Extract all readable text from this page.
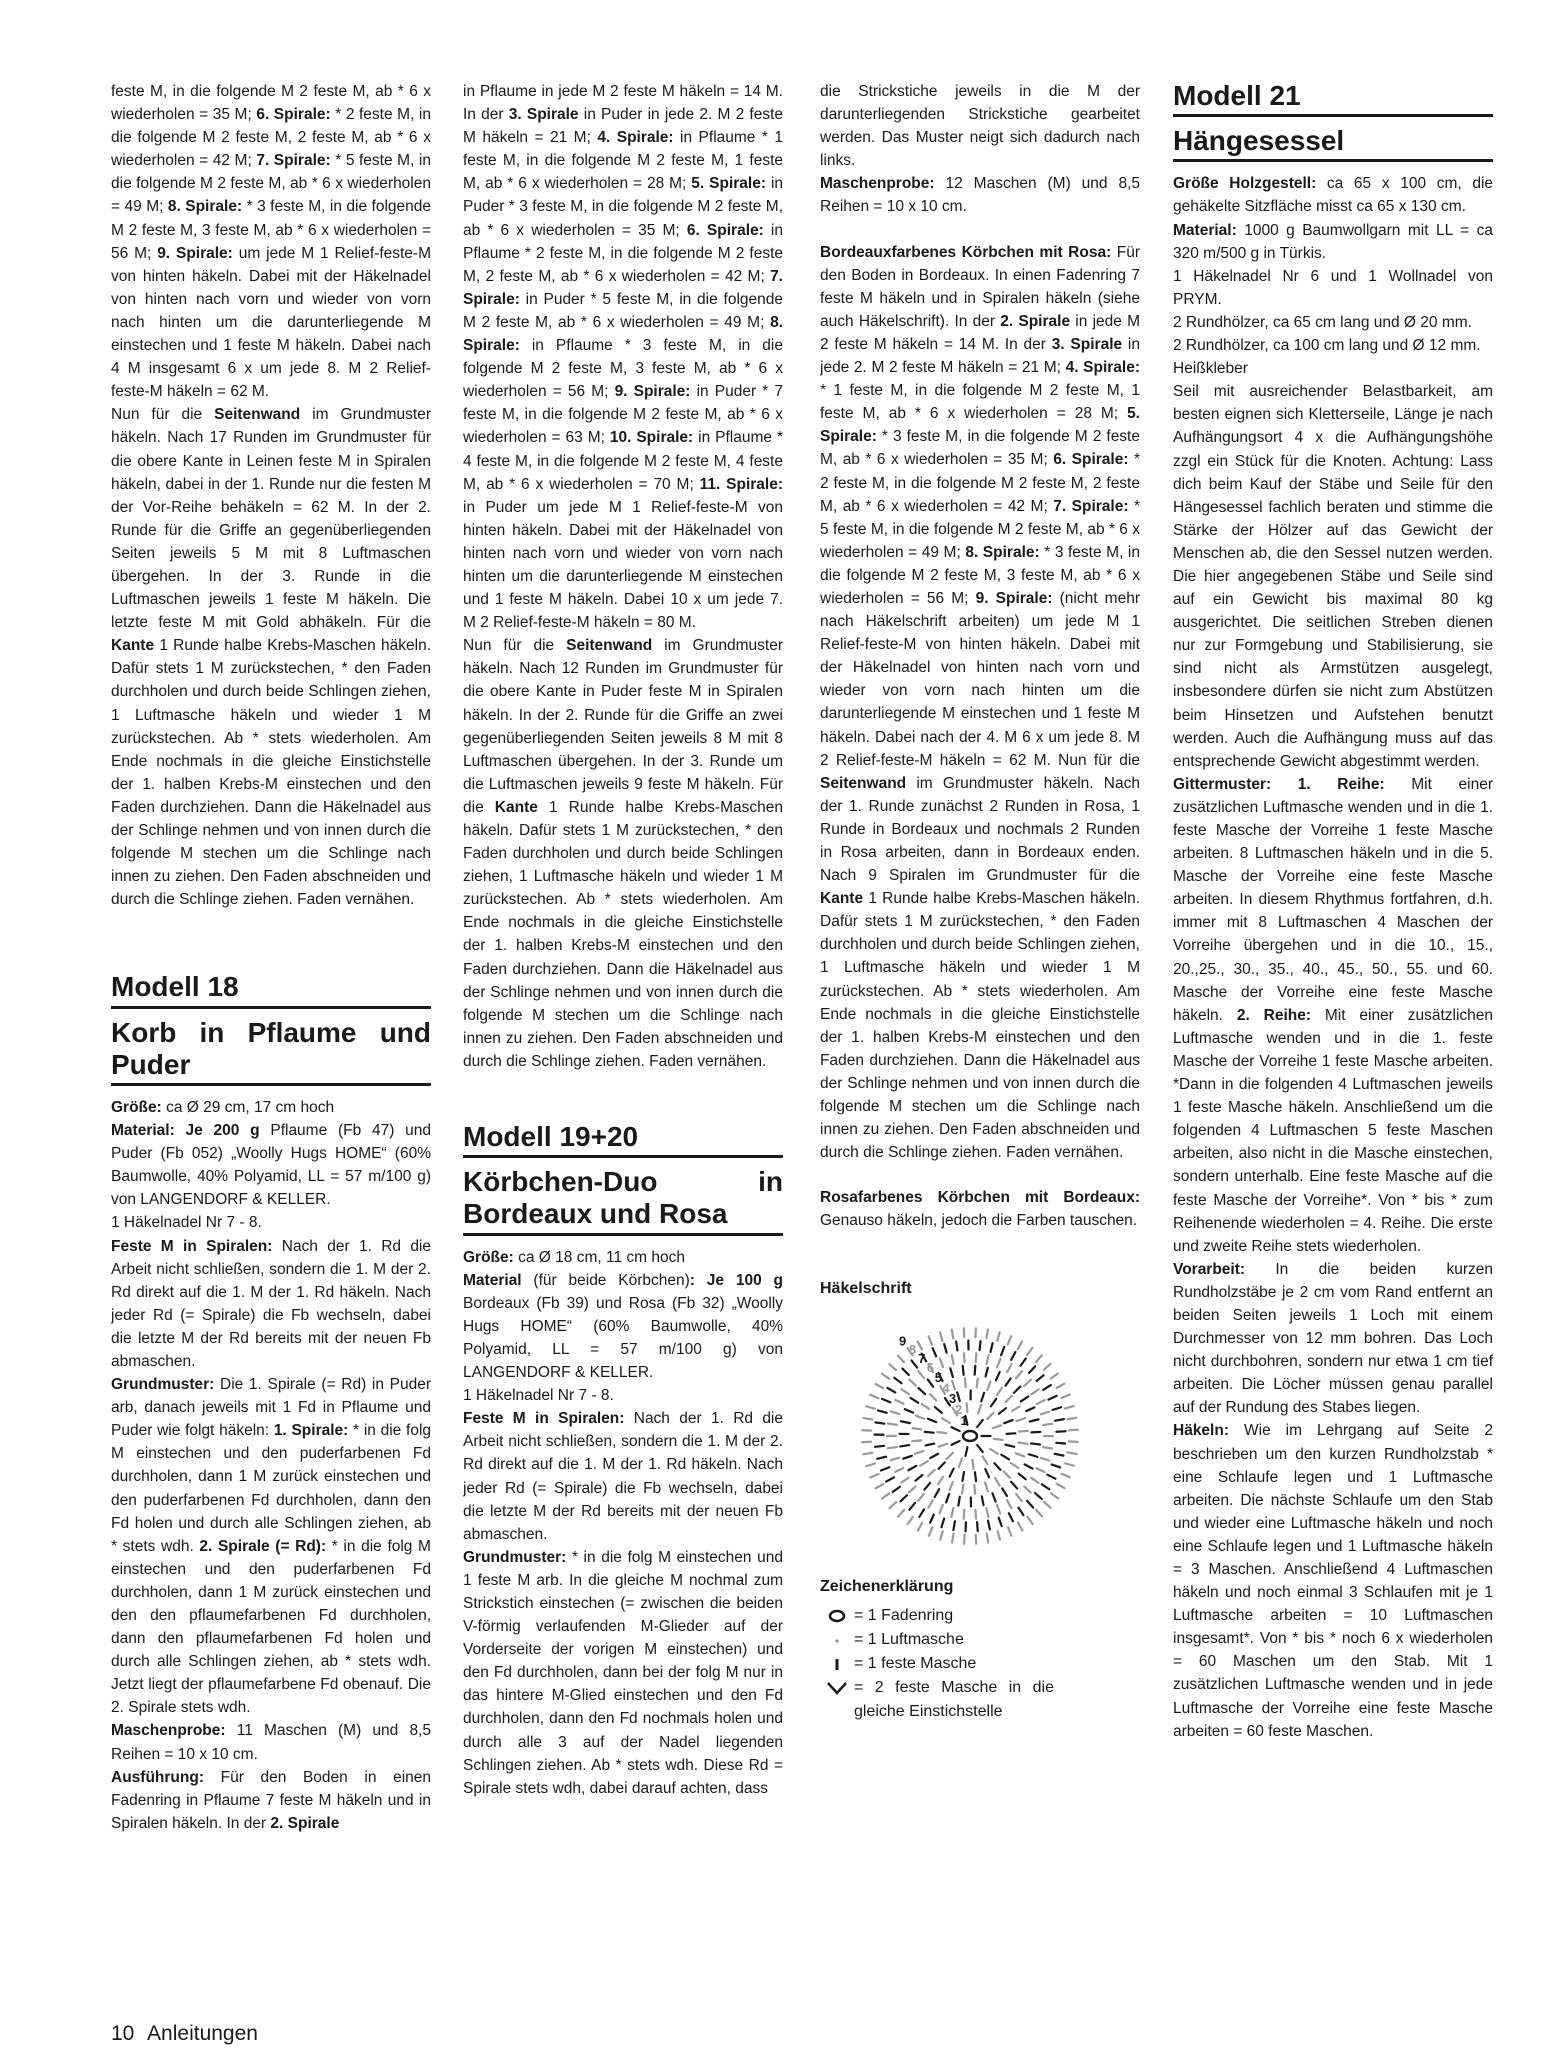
feste M, in die folgende M 2 feste M, ab * 6 x wiederholen = 35 M; 6. Spirale: * 2 feste M, in die folgende M 2 feste M, 2 feste M, ab * 6 x wiederholen = 42 M; 7. Spirale: * 5 feste M, in die folgende M 2 feste M, ab * 6 x wiederholen = 49 M; 8. Spirale: * 3 feste M, in die folgende M 2 feste M, 3 feste M, ab * 6 x wiederholen = 56 M; 9. Spirale: um jede M 1 Relief-feste-M von hinten häkeln. Dabei mit der Häkelnadel von hinten nach vorn und wieder von vorn nach hinten um die darunterliegende M einstechen und 1 feste M häkeln. Dabei nach 4 M insgesamt 6 x um jede 8. M 2 Relief-feste-M häkeln = 62 M.

Nun für die Seitenwand im Grundmuster häkeln. Nach 17 Runden im Grundmuster für die obere Kante in Leinen feste M in Spiralen häkeln, dabei in der 1. Runde nur die festen M der Vor-Reihe behäkeln = 62 M. In der 2. Runde für die Griffe an gegenüberliegenden Seiten jeweils 5 M mit 8 Luftmaschen übergehen. In der 3. Runde in die Luftmaschen jeweils 1 feste M häkeln. Die letzte feste M mit Gold abhäkeln. Für die Kante 1 Runde halbe Krebs-Maschen häkeln. Dafür stets 1 M zurückstechen, * den Faden durchholen und durch beide Schlingen ziehen, 1 Luftmasche häkeln und wieder 1 M zurückstechen. Ab * stets wiederholen. Am Ende nochmals in die gleiche Einstichstelle der 1. halben Krebs-M einstechen und den Faden durchziehen. Dann die Häkelnadel aus der Schlinge nehmen und von innen durch die folgende M stechen um die Schlinge nach innen zu ziehen. Den Faden abschneiden und durch die Schlinge ziehen. Faden vernähen.

Modell 18
Korb in Pflaume und Puder

Größe: ca Ø 29 cm, 17 cm hoch

Material: Je 200 g Pflaume (Fb 47) und Puder (Fb 052) „Woolly Hugs HOME“ (60% Baumwolle, 40% Polyamid, LL = 57 m/100 g) von LANGENDORF & KELLER.

1 Häkelnadel Nr 7 - 8.

Feste M in Spiralen: Nach der 1. Rd die Arbeit nicht schließen, sondern die 1. M der 2. Rd direkt auf die 1. M der 1. Rd häkeln. Nach jeder Rd (= Spirale) die Fb wechseln, dabei die letzte M der Rd bereits mit der neuen Fb abmaschen.

Grundmuster: Die 1. Spirale (= Rd) in Puder arb, danach jeweils mit 1 Fd in Pflaume und Puder wie folgt häkeln: 1. Spirale: * in die folg M einstechen und den puderfarbenen Fd durchholen, dann 1 M zurück einstechen und den puderfarbenen Fd durchholen, dann den Fd holen und durch alle Schlingen ziehen, ab * stets wdh. 2. Spirale (= Rd): * in die folg M einstechen und den puderfarbenen Fd durchholen, dann 1 M zurück einstechen und den den pflaumefarbenen Fd durchholen, dann den pflaumefarbenen Fd holen und durch alle Schlingen ziehen, ab * stets wdh. Jetzt liegt der pflaumefarbene Fd obenauf. Die 2. Spirale stets wdh.

Maschenprobe: 11 Maschen (M) und 8,5 Reihen = 10 x 10 cm.

Ausführung: Für den Boden in einen Fadenring in Pflaume 7 feste M häkeln und in Spiralen häkeln. In der 2. Spirale

in Pflaume in jede M 2 feste M häkeln = 14 M. In der 3. Spirale in Puder in jede 2. M 2 feste M häkeln = 21 M; 4. Spirale: in Pflaume * 1 feste M, in die folgende M 2 feste M, 1 feste M, ab * 6 x wiederholen = 28 M; 5. Spirale: in Puder * 3 feste M, in die folgende M 2 feste M, ab * 6 x wiederholen = 35 M; 6. Spirale: in Pflaume * 2 feste M, in die folgende M 2 feste M, 2 feste M, ab * 6 x wiederholen = 42 M; 7. Spirale: in Puder * 5 feste M, in die folgende M 2 feste M, ab * 6 x wiederholen = 49 M; 8. Spirale: in Pflaume * 3 feste M, in die folgende M 2 feste M, 3 feste M, ab * 6 x wiederholen = 56 M; 9. Spirale: in Puder * 7 feste M, in die folgende M 2 feste M, ab * 6 x wiederholen = 63 M; 10. Spirale: in Pflaume * 4 feste M, in die folgende M 2 feste M, 4 feste M, ab * 6 x wiederholen = 70 M; 11. Spirale: in Puder um jede M 1 Relief-feste-M von hinten häkeln. Dabei mit der Häkelnadel von hinten nach vorn und wieder von vorn nach hinten um die darunterliegende M einstechen und 1 feste M häkeln. Dabei 10 x um jede 7. M 2 Relief-feste-M häkeln = 80 M.

Nun für die Seitenwand im Grundmuster häkeln. Nach 12 Runden im Grundmuster für die obere Kante in Puder feste M in Spiralen häkeln. In der 2. Runde für die Griffe an zwei gegenüberliegenden Seiten jeweils 8 M mit 8 Luftmaschen übergehen. In der 3. Runde um die Luftmaschen jeweils 9 feste M häkeln. Für die Kante 1 Runde halbe Krebs-Maschen häkeln. Dafür stets 1 M zurückstechen, * den Faden durchholen und durch beide Schlingen ziehen, 1 Luftmasche häkeln und wieder 1 M zurückstechen. Ab * stets wiederholen. Am Ende nochmals in die gleiche Einstichstelle der 1. halben Krebs-M einstechen und den Faden durchziehen. Dann die Häkelnadel aus der Schlinge nehmen und von innen durch die folgende M stechen um die Schlinge nach innen zu ziehen. Den Faden abschneiden und durch die Schlinge ziehen. Faden vernähen.

Modell 19+20
Körbchen-Duo in Bordeaux und Rosa

Größe: ca Ø 18 cm, 11 cm hoch

Material (für beide Körbchen): Je 100 g Bordeaux (Fb 39) und Rosa (Fb 32) „Woolly Hugs HOME“ (60% Baumwolle, 40% Polyamid, LL = 57 m/100 g) von LANGENDORF & KELLER.

1 Häkelnadel Nr 7 - 8.

Feste M in Spiralen: Nach der 1. Rd die Arbeit nicht schließen, sondern die 1. M der 2. Rd direkt auf die 1. M der 1. Rd häkeln. Nach jeder Rd (= Spirale) die Fb wechseln, dabei die letzte M der Rd bereits mit der neuen Fb abmaschen.

Grundmuster: * in die folg M einstechen und 1 feste M arb. In die gleiche M nochmal zum Strickstich einstechen (= zwischen die beiden V-förmig verlaufenden M-Glieder auf der Vorderseite der vorigen M einstechen) und den Fd durchholen, dann bei der folg M nur in das hintere M-Glied einstechen und den Fd durchholen, dann den Fd nochmals holen und durch alle 3 auf der Nadel liegenden Schlingen ziehen. Ab * stets wdh. Diese Rd = Spirale stets wdh, dabei darauf achten, dass

die Strickstiche jeweils in die M der darunterliegenden Strickstiche gearbeitet werden. Das Muster neigt sich dadurch nach links.

Maschenprobe: 12 Maschen (M) und 8,5 Reihen = 10 x 10 cm.

Bordeauxfarbenes Körbchen mit Rosa: Für den Boden in Bordeaux. In einen Fadenring 7 feste M häkeln und in Spiralen häkeln (siehe auch Häkelschrift). In der 2. Spirale in jede M 2 feste M häkeln = 14 M. In der 3. Spirale in jede 2. M 2 feste M häkeln = 21 M; 4. Spirale: * 1 feste M, in die folgende M 2 feste M, 1 feste M, ab * 6 x wiederholen = 28 M; 5. Spirale: * 3 feste M, in die folgende M 2 feste M, ab * 6 x wiederholen = 35 M; 6. Spirale: * 2 feste M, in die folgende M 2 feste M, 2 feste M, ab * 6 x wiederholen = 42 M; 7. Spirale: * 5 feste M, in die folgende M 2 feste M, ab * 6 x wiederholen = 49 M; 8. Spirale: * 3 feste M, in die folgende M 2 feste M, 3 feste M, ab * 6 x wiederholen = 56 M; 9. Spirale: (nicht mehr nach Häkelschrift arbeiten) um jede M 1 Relief-feste-M von hinten häkeln. Dabei mit der Häkelnadel von hinten nach vorn und wieder von vorn nach hinten um die darunterliegende M einstechen und 1 feste M häkeln. Dabei nach der 4. M 6 x um jede 8. M 2 Relief-feste-M häkeln = 62 M. Nun für die Seitenwand im Grundmuster häkeln. Nach der 1. Runde zunächst 2 Runden in Rosa, 1 Runde in Bordeaux und nochmals 2 Runden in Rosa arbeiten, dann in Bordeaux enden. Nach 9 Spiralen im Grundmuster für die Kante 1 Runde halbe Krebs-Maschen häkeln. Dafür stets 1 M zurückstechen, * den Faden durchholen und durch beide Schlingen ziehen, 1 Luftmasche häkeln und wieder 1 M zurückstechen. Ab * stets wiederholen. Am Ende nochmals in die gleiche Einstichstelle der 1. halben Krebs-M einstechen und den Faden durchziehen. Dann die Häkelnadel aus der Schlinge nehmen und von innen durch die folgende M stechen um die Schlinge nach innen zu ziehen. Den Faden abschneiden und durch die Schlinge ziehen. Faden vernähen.

Rosafarbenes Körbchen mit Bordeaux: Genauso häkeln, jedoch die Farben tauschen.

Häkelschrift
1
2
3
4
5
6
7
8
9
Zeichenerklärung
= 1 Fadenring
= 1 Luftmasche
= 1 feste Masche
= 2 feste Masche in die gleiche Einstichstelle
Modell 21
Hängesessel

Größe Holzgestell: ca 65 x 100 cm, die gehäkelte Sitzfläche misst ca 65 x 130 cm.

Material: 1000 g Baumwollgarn mit LL = ca 320 m/500 g in Türkis.

1 Häkelnadel Nr 6 und 1 Wollnadel von PRYM.

2 Rundhölzer, ca 65 cm lang und Ø 20 mm.

2 Rundhölzer, ca 100 cm lang und Ø 12 mm.

Heißkleber

Seil mit ausreichender Belastbarkeit, am besten eignen sich Kletterseile, Länge je nach Aufhängungsort 4 x die Aufhängungshöhe zzgl ein Stück für die Knoten. Achtung: Lass dich beim Kauf der Stäbe und Seile für den Hängesessel fachlich beraten und stimme die Stärke der Hölzer auf das Gewicht der Menschen ab, die den Sessel nutzen werden. Die hier angegebenen Stäbe und Seile sind auf ein Gewicht bis maximal 80 kg ausgerichtet. Die seitlichen Streben dienen nur zur Formgebung und Stabilisierung, sie sind nicht als Armstützen ausgelegt, insbesondere dürfen sie nicht zum Abstützen beim Hinsetzen und Aufstehen benutzt werden. Auch die Aufhängung muss auf das entsprechende Gewicht abgestimmt werden.

Gittermuster: 1. Reihe: Mit einer zusätzlichen Luftmasche wenden und in die 1. feste Masche der Vorreihe 1 feste Masche arbeiten. 8 Luftmaschen häkeln und in die 5. Masche der Vorreihe eine feste Masche arbeiten. In diesem Rhythmus fortfahren, d.h. immer mit 8 Luftmaschen 4 Maschen der Vorreihe übergehen und in die 10., 15., 20.,25., 30., 35., 40., 45., 50., 55. und 60. Masche der Vorreihe eine feste Masche häkeln. 2. Reihe: Mit einer zusätzlichen Luftmasche wenden und in die 1. feste Masche der Vorreihe 1 feste Masche arbeiten. *Dann in die folgenden 4 Luftmaschen jeweils 1 feste Masche häkeln. Anschließend um die folgenden 4 Luftmaschen 5 feste Maschen arbeiten, also nicht in die Masche einstechen, sondern unterhalb. Eine feste Masche auf die feste Masche der Vorreihe*. Von * bis * zum Reihenende wiederholen = 4. Reihe. Die erste und zweite Reihe stets wiederholen.

Vorarbeit: In die beiden kurzen Rundholzstäbe je 2 cm vom Rand entfernt an beiden Seiten jeweils 1 Loch mit einem Durchmesser von 12 mm bohren. Das Loch nicht durchbohren, sondern nur etwa 1 cm tief arbeiten. Die Löcher müssen genau parallel auf der Rundung des Stabes liegen.

Häkeln: Wie im Lehrgang auf Seite 2 beschrieben um den kurzen Rundholzstab * eine Schlaufe legen und 1 Luftmasche arbeiten. Die nächste Schlaufe um den Stab und wieder eine Luftmasche häkeln und noch eine Schlaufe legen und 1 Luftmasche häkeln = 3 Maschen. Anschließend 4 Luftmaschen häkeln und noch einmal 3 Schlaufen mit je 1 Luftmasche arbeiten = 10 Luftmaschen insgesamt*. Von * bis * noch 6 x wiederholen = 60 Maschen um den Stab. Mit 1 zusätzlichen Luftmasche wenden und in jede Luftmasche der Vorreihe eine feste Masche arbeiten = 60 feste Maschen.

10 Anleitungen
